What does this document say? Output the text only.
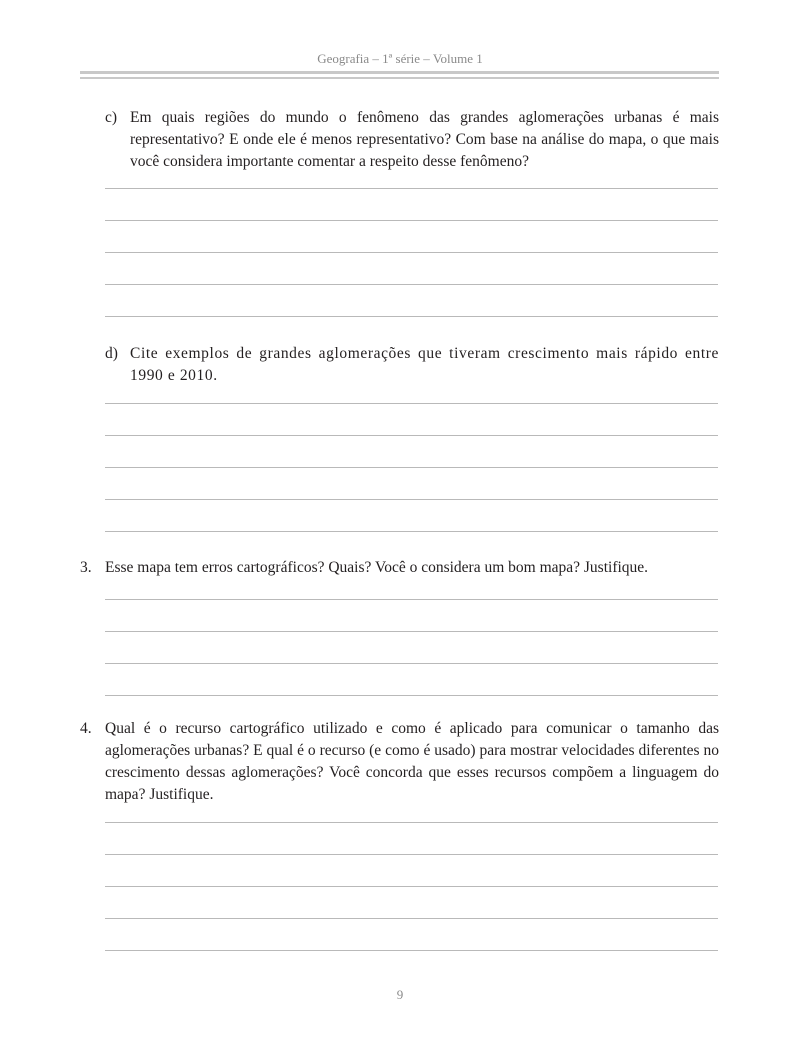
Geografia – 1ª série – Volume 1
c) Em quais regiões do mundo o fenômeno das grandes aglomerações urbanas é mais representativo? E onde ele é menos representativo? Com base na análise do mapa, o que mais você considera importante comentar a respeito desse fenômeno?
d) Cite exemplos de grandes aglomerações que tiveram crescimento mais rápido entre 1990 e 2010.
3. Esse mapa tem erros cartográficos? Quais? Você o considera um bom mapa? Justifique.
4. Qual é o recurso cartográfico utilizado e como é aplicado para comunicar o tamanho das aglomerações urbanas? E qual é o recurso (e como é usado) para mostrar velocidades diferentes no crescimento dessas aglomerações? Você concorda que esses recursos compõem a linguagem do mapa? Justifique.
9
